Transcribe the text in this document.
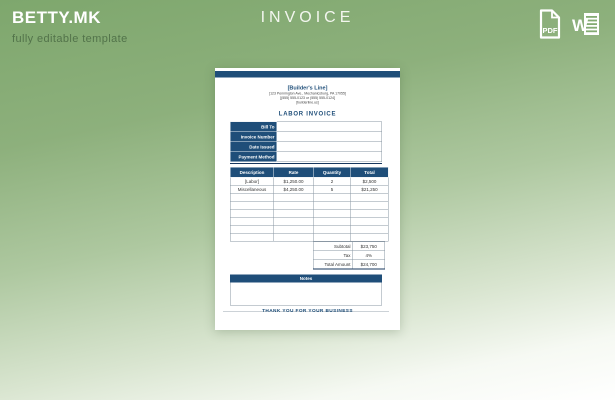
BETTY.MK
fully editable template
INVOICE
PDF W
[Builder's Line]
[123 Pennington Ave., Mechanicsburg, PA 17055]
[(555) 555-0123 or (555) 555-0124]
[builderline.us]
LABOR INVOICE
Bill To	
Invoice Number	
Date Issued	
Payment Method	
Description	Rate	Quantity	Total
[Labor]	$1,250.00	2	$2,500
Miscellaneous	$4,250.00	5	$21,250

Subtotal	$23,750
Tax	4%
Total Amount	$24,700
Notes
THANK YOU FOR YOUR BUSINESS
